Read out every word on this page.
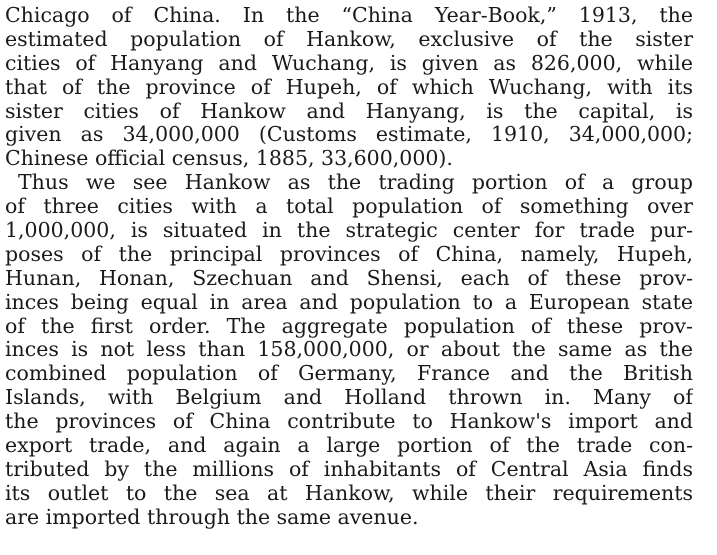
Chicago of China. In the “China Year-Book,” 1913, the
estimated population of Hankow, exclusive of the sister
cities of Hanyang and Wuchang, is given as 826,000, while
that of the province of Hupeh, of which Wuchang, with its
sister cities of Hankow and Hanyang, is the capital, is
given as 34,000,000 (Customs estimate, 1910, 34,000,000;
Chinese official census, 1885, 33,600,000).
Thus we see Hankow as the trading portion of a group
of three cities with a total population of something over
1,000,000, is situated in the strategic center for trade pur-
poses of the principal provinces of China, namely, Hupeh,
Hunan, Honan, Szechuan and Shensi, each of these prov-
inces being equal in area and population to a European state
of the first order. The aggregate population of these prov-
inces is not less than 158,000,000, or about the same as the
combined population of Germany, France and the British
Islands, with Belgium and Holland thrown in. Many of
the provinces of China contribute to Hankow's import and
export trade, and again a large portion of the trade con-
tributed by the millions of inhabitants of Central Asia finds
its outlet to the sea at Hankow, while their requirements
are imported through the same avenue.
